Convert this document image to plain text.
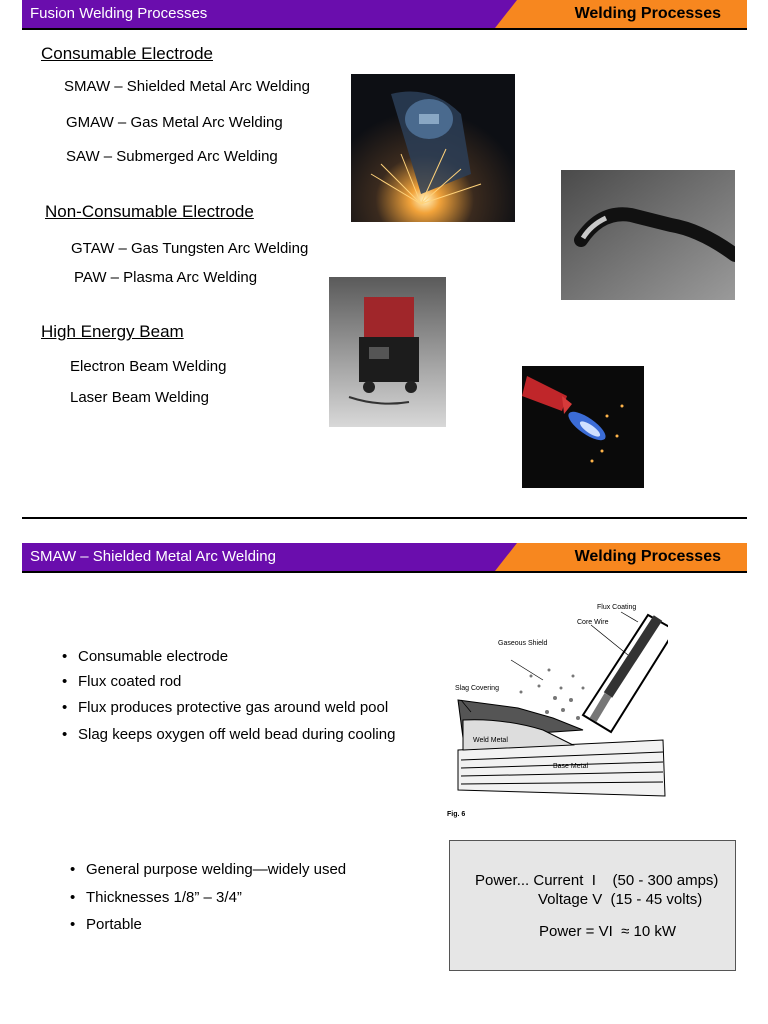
Fusion Welding Processes	Welding Processes
Consumable Electrode
SMAW – Shielded Metal Arc Welding
GMAW – Gas Metal Arc Welding
SAW – Submerged Arc Welding
Non-Consumable Electrode
GTAW – Gas Tungsten Arc Welding
PAW – Plasma Arc Welding
High Energy Beam
Electron Beam Welding
Laser Beam Welding
SMAW – Shielded Metal Arc Welding	Welding Processes
• Consumable electrode
• Flux coated rod
• Flux produces protective gas around weld pool
• Slag keeps oxygen off weld bead during cooling
Flux Coating
Core Wire
Gaseous Shield
Slag Covering
Weld Metal
Base Metal
Fig. 6
• General purpose welding—widely used
• Thicknesses 1/8” – 3/4”
• Portable
Power... Current  I    (50 - 300 amps)
Voltage V  (15 - 45 volts)
Power = VI  ≈ 10 kW
